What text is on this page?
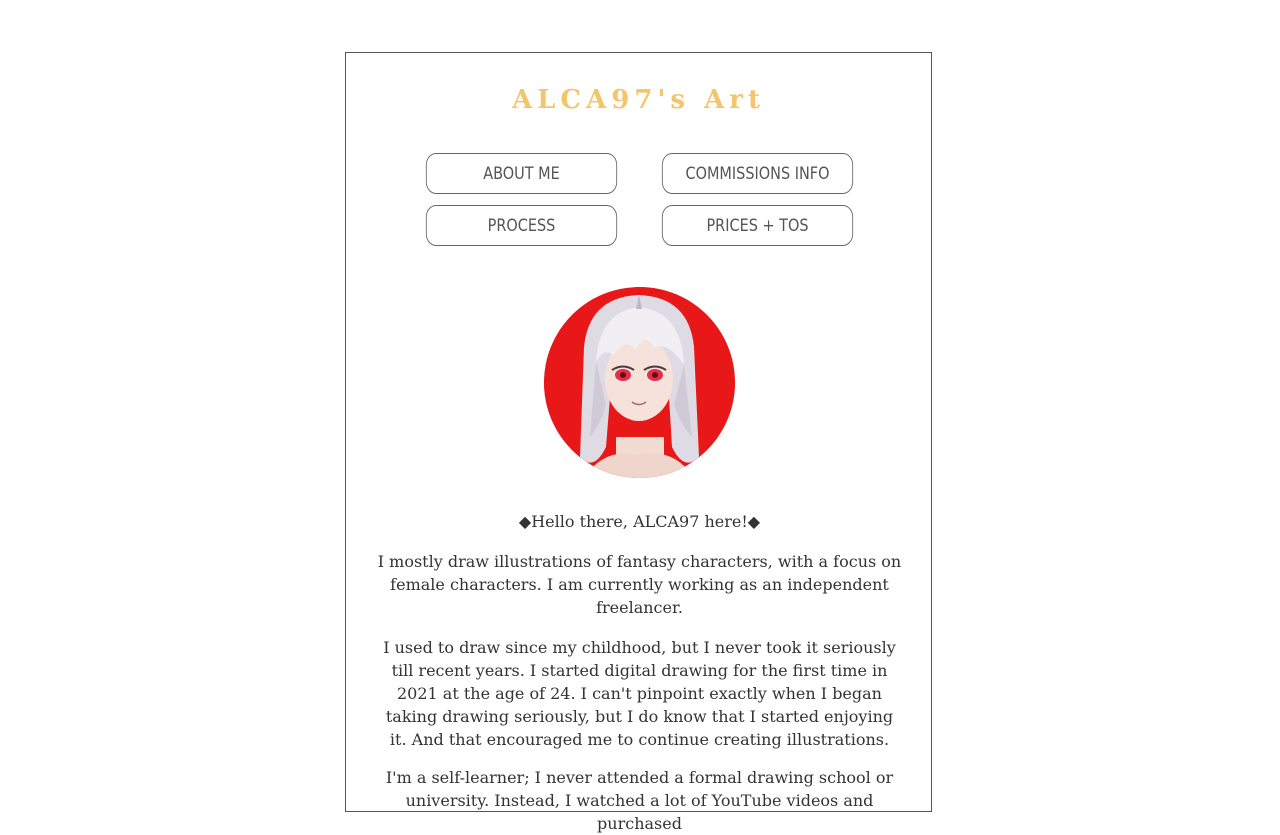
ALCA97's Art
ABOUT ME	COMMISSIONS INFO
PROCESS	PRICES + TOS

◆Hello there, ALCA97 here!◆

I mostly draw illustrations of fantasy characters, with a focus on female characters. I am currently working as an independent freelancer.

I used to draw since my childhood, but I never took it seriously till recent years. I started digital drawing for the first time in 2021 at the age of 24. I can't pinpoint exactly when I began taking drawing seriously, but I do know that I started enjoying it. And that encouraged me to continue creating illustrations.

I'm a self-learner; I never attended a formal drawing school or university. Instead, I watched a lot of YouTube videos and purchased
